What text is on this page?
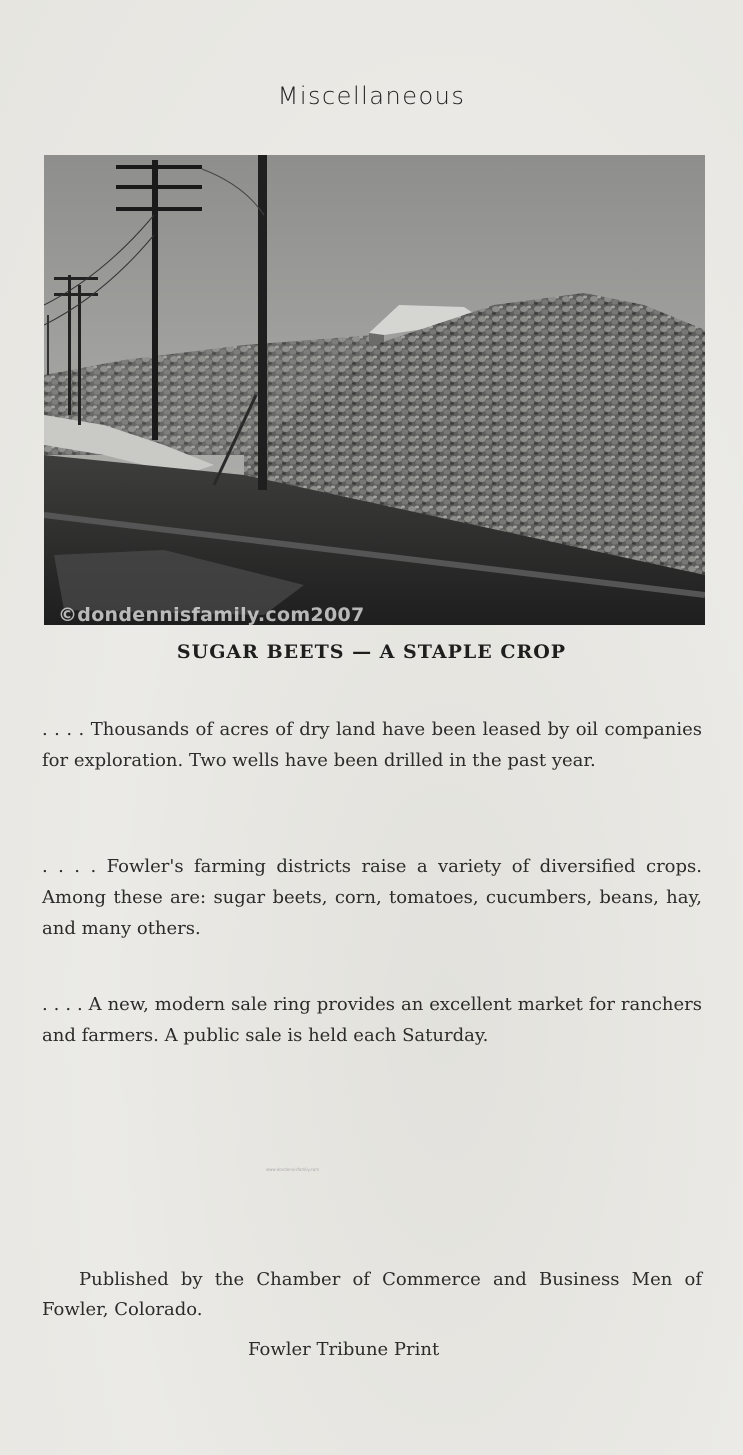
Miscellaneous
©dondennisfamily.com2007
SUGAR BEETS — A STAPLE CROP

. . . . Thousands of acres of dry land have been leased by oil companies for exploration. Two wells have been drilled in the past year.

. . . . Fowler's farming districts raise a variety of diversified crops. Among these are: sugar beets, corn, tomatoes, cucumbers, beans, hay, and many others.

. . . . A new, modern sale ring provides an excellent market for ranchers and farmers. A public sale is held each Saturday.

www.dondennisfamily.com

Published by the Chamber of Commerce and Business Men of Fowler, Colorado.

Fowler Tribune Print
